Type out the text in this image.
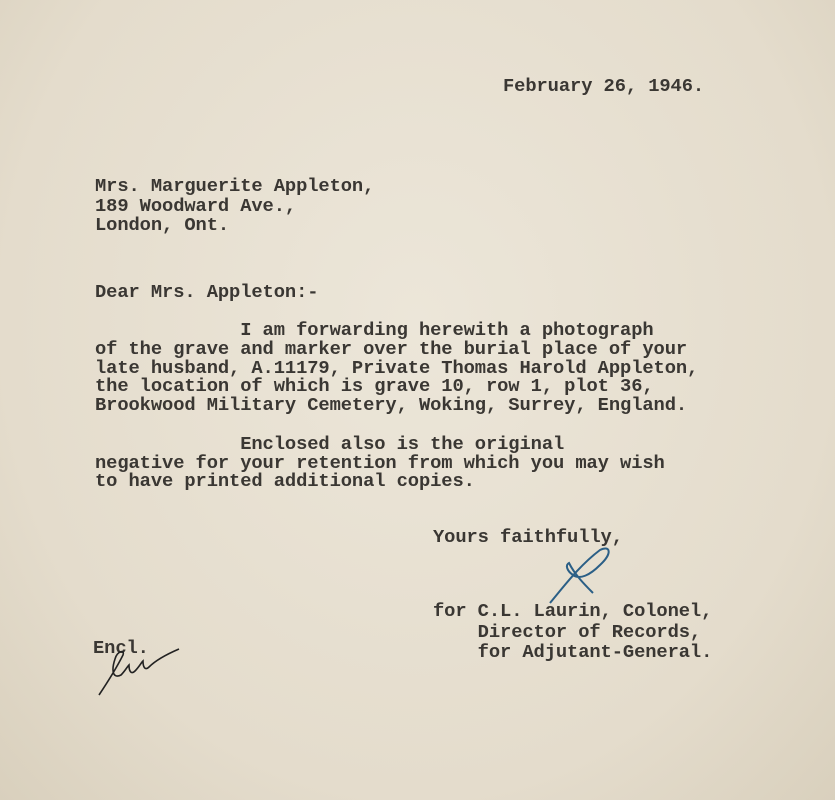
February 26, 1946.
Mrs. Marguerite Appleton,
189 Woodward Ave.,
London, Ont.
Dear Mrs. Appleton:-
I am forwarding herewith a photograph
of the grave and marker over the burial place of your
late husband, A.11179, Private Thomas Harold Appleton,
the location of which is grave 10, row 1, plot 36,
Brookwood Military Cemetery, Woking, Surrey, England.
Enclosed also is the original
negative for your retention from which you may wish
to have printed additional copies.
Yours faithfully,
for C.L. Laurin, Colonel,
Director of Records,
for Adjutant-General.
Encl.
